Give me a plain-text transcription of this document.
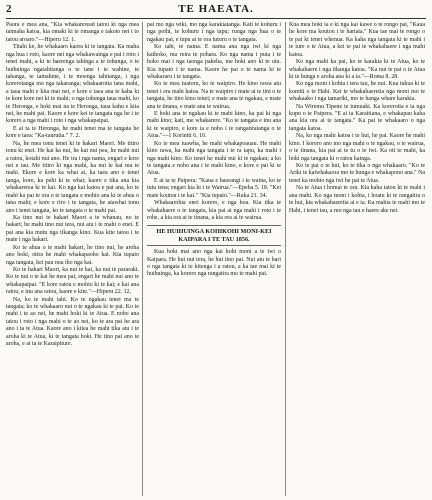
2	TE HAEATA.

Paora e mea ana, "Kia whakareread tatou ki nga mea taimaha katoa, kia omaki ki te omanga e takoto nei i to tatou aroaro."—Hiperu 12. 1.

Titahi ke, he whakaaro kaora ki te tangata. Ka maha nga hua i roto, kaore nei nga whakawainga e pai i roto i tenei mahi, a ki te haerenga tahinga a te tohunga, o te huihuinga ngatahitanga o te tane i te wahine, te tahanga, te tamahine, i te moenga tahitanga, i nga korerotanga mo nga takaranga; whakaarotia tana mahi, a taua mahi e kiia mai nei, e kore e taea ana te kaha ki te kore kore nei ki te mahi; o nga tohunga taua mahi, ko te Heronga, e hoki mai na te Heronga, taua kahu e kiia nei, he mahi pai. Kaore e kore kei te tangata nga he i te korero a nga mahi i roto i nga whakapaipai.

E ai ta te Heronga, he mahi tenei ma te tangata he kore e taea: "Ka-taurutia." 7. 2.

Na, he mea tonu tenei ki te hakari Maori. Me titiro tonu ki enei. He kai ka nui, he kai nui pea, he mahi nui a ratou, kotahi nui ano. He ira i nga nama, engari e kore nei e tau. Me titiro ki nga mahi, ka nui te kai ma te mahi. Ekore e kore ka whai ai, ka taea ano e tenei tanga, kore, ka pehi ki te whai; kaore e tika ana kia whakarerea ki te kai. Ko nga kai katoa e pai ana, ko te mahi ka pai te ora o te tangata e mohio ana ki te ahua o tana mahi; e kore e riro i te tangata, he atawhai tonu ano i tenei tangata, ko te tangata o te mahi pai.

Ka tino nui te hakari Maori a te whanau, no te hakari; he mahi tino nui tera, nui atu i te mahi o enei. E pai ana kia mutu nga tikanga kino. Kua kite tatou i te mate i nga hakari.

Ko te ahua o te mahi hakari, he tino nui, he aroha ano hoki, otira he mahi whakapaoho kai. Kia tupato nga tangata, kei pau noa iho nga kai.

Ko te hakari Maori, ka nui te kai, ka nui te pararaki. Ko te nui o te kai he mea pai, engari he mahi nui ano te whakapaipai. "E kore ratou e mohio ki te kai; e kai ana ratou, e inu ana ratou, kaore e kite."—Hiperu 22. 12.

Na, ko te mahi tahi. Ko te ngakau tenei ma te tangata; ko te whakaaro nui o te ngakau ki te pai. Ko te mahi i te ao nei, he mahi hoki ki te Atua. E noho ana tatou i roto i nga mahi o te ao nei, ko te ara pai he ara ano i ta te Atua. Kaore ano i kitea he mahi tika atu i te aroha ki te Atua, ki te tangata hoki. He tino pai ano te aroha, e ai ta te Karaipiture.

pai mo nga wiki, mo nga karakiatanga. Kati te kohuru i nga poihi, te kohuru i nga tapu; runga nga hua o te ngakau pai, e tupu ai te ora tuturu o te tangata.

Ko tahi, te nama. E nama ana nga iwi ki nga kaihoko, ma reira te pohara. Ko nga nama i puta i te hoko mai i nga taonga pakeha, me hoki ano ki te utu. Kia tupato i te nama. Kaore he pai o te nama ki te whakararu i te tangata.

Ko te mea tuatoru, ko te waipiro. He kino rawa atu tenei i era mahi katoa. Na te waipiro i mate ai te tini o te tangata, he tino kino tenei; e mate ana te ngakau, e mate ana te tinana, e mate ana te wairua.

E hoki ana te ngakau ki te mahi kino, ka pai ki nga mahi kino; kati, me whakarere. "Ko te tangata e inu ana ki te waipiro, e kore ia e noho i te rangatiratanga o te Atua."—1 Koriniti 6. 10.

Ko te mea tuawha, he mahi whakapoauau. He mahi kino rawa, ka mahi nga tangata i te ra tapu, ka mahi i nga mahi kino. Ko tenei he mahi nui ki te ngakau; a ko te tangata e noho ana i te mahi kino, e kore e pai ki te Atua.

E ai ta te Paipera: "Kaua e haurangi i te waina, ko te tutu tena; engari kia ki i te Wairua."—Epeha 5. 18. "Kei mate koutou i te kai." "Kia tupato."—Ruka 21. 34.

Whakaarohia enei korero, e nga hoa. Kia tika te whakahaere o te tangata, kia pai ai nga mahi i roto i te rohe, a kia ora ai te tinana, a kia ora ai te wairua.

HE HUIHUINGA KOHIKOHI MONI-KEI KAIPARA I TE TAU 1856.

Kua hoki mai ano nga kai kohi moni a te iwi o Kaipara. He hui nui tera, he hui tino pai. Nui atu te hari o nga tangata ki te kitenga i a ratou, a ka tae mai ki te huihuinga, ka korero nga rangatira mo te mahi pai.

Kua mea hoki ia e ki nga kai kawe o te rongo pai, "Kaua he kore ma koutou i te hariata." Kua tae mai te rongo o te pai ki tenei whenua. Ka kaha nga tangata ki te mahi i te ture o te Atua, a kei te pai te whakahaere i nga mahi katoa.

Ko nga mahi ka pai, ko te karakia ki te Atua, ko te whakahaere i nga tikanga katoa. "Ka nui te pai o te Atua ki te hunga e aroha ana ki a ia."—Roma 8. 28.

Ko nga moni i kohia i tera tau, he nui. Kua tukua ki te komiti o te Hahi. Kei te whakahaeretia nga moni mo te whakaako i nga tamariki, mo te hanga whare karakia.

Na Wiremu Tipene te tumuaki. Ka korerotia e ia nga kupu o te Paipera. "E ai ta Karaitiana, e whakapau kaha ana kia ora ai te tangata." Ka pai te whakaaro o nga tangata katoa.

Na, ko nga mahi katoa i te hui, he pai. Kaore he mahi kino. I korero ano mo nga mahi o te ngakau, o te wairua, o te tinana, kia pai ai te tu o te iwi. Ka oti te mahi, ka hoki nga tangata ki o ratou kainga.

Ko te pai o te hui, ko te tika o nga whakaaro. "Ko te Ariki te kaiwhakaora mo te hunga e whakapono ana." Na tenei ka mohio nga iwi he pai te Atua.

Na te Atua i homai te ora. Kia kaha tatou ki te mahi i ana mahi. Ko nga moni i kohia, i hoatu ki te rangatira o te hui, kia whakahaeretia ai e ia. Ka mahia te mahi mo te Hahi, i tenei tau, a mo nga tau e haere ake nei.
